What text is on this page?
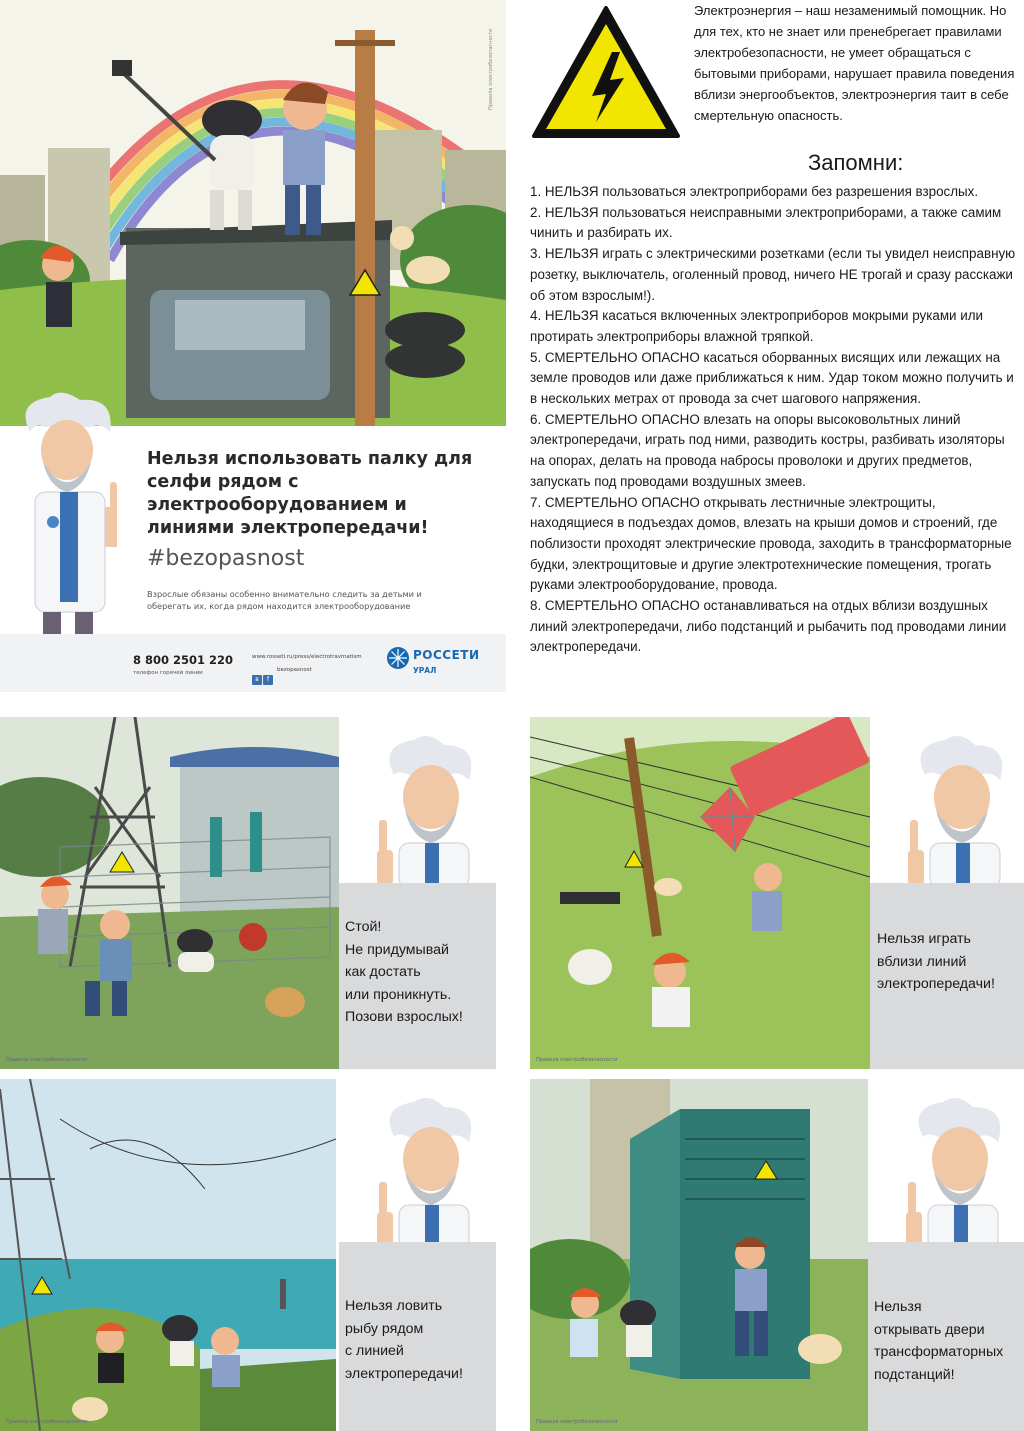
Правила электробезопасности
Нельзя использовать палку для селфи рядом с электрооборудованием и линиями электропередачи!
#bezopasnost
Взрослые обязаны особенно внимательно следить за детьми и оберегать их, когда рядом находится электрооборудование
8 800 2501 220
телефон горячей линии
www.rosseti.ru/press/electrotravmatism
в f
bezopasnost
РОССЕТИ
УРАЛ
Электроэнергия – наш незаменимый помощник. Но для тех, кто не знает или пренебрегает правилами электробезопасности, не умеет обращаться с бытовыми приборами, нарушает правила поведения вблизи энергообъектов, электроэнергия таит в себе смертельную опасность.
Запомни:

1. НЕЛЬЗЯ пользоваться электроприборами без разрешения взрослых.

2. НЕЛЬЗЯ пользоваться неисправными электроприборами, а также самим чинить и разбирать их.

3. НЕЛЬЗЯ играть с электрическими розетками (если ты увидел неисправную розетку, выключатель, оголенный провод, ничего НЕ трогай и сразу расскажи об этом взрослым!).

4. НЕЛЬЗЯ касаться включенных электроприборов мокрыми руками или протирать электроприборы влажной тряпкой.

5. СМЕРТЕЛЬНО ОПАСНО касаться оборванных висящих или лежащих на земле проводов или даже приближаться к ним. Удар током можно получить и в нескольких метрах от провода за счет шагового напряжения.

6. СМЕРТЕЛЬНО ОПАСНО влезать на опоры высоковольтных линий электропередачи, играть под ними, разводить костры, разбивать изоляторы на опорах, делать на провода набросы проволоки и других предметов, запускать под проводами воздушных змеев.

7. СМЕРТЕЛЬНО ОПАСНО открывать лестничные электрощиты, находящиеся в подъездах домов, влезать на крыши домов и строений, где поблизости проходят электрические провода, заходить в трансформаторные будки, электрощитовые и другие электротехнические помещения, трогать руками электрооборудование, провода.

8. СМЕРТЕЛЬНО ОПАСНО останавливаться на отдых вблизи воздушных линий электропередачи, либо подстанций и рыбачить под проводами линии электропередачи.

Правила электробезопасности
Стой!
Не придумывай
как достать
или проникнуть.
Позови взрослых!
Правила электробезопасности
Нельзя играть
вблизи линий
электропередачи!
Правила электробезопасности
Нельзя ловить
рыбу рядом
с линией
электропередачи!
Правила электробезопасности
Нельзя
открывать двери
трансформаторных
подстанций!
